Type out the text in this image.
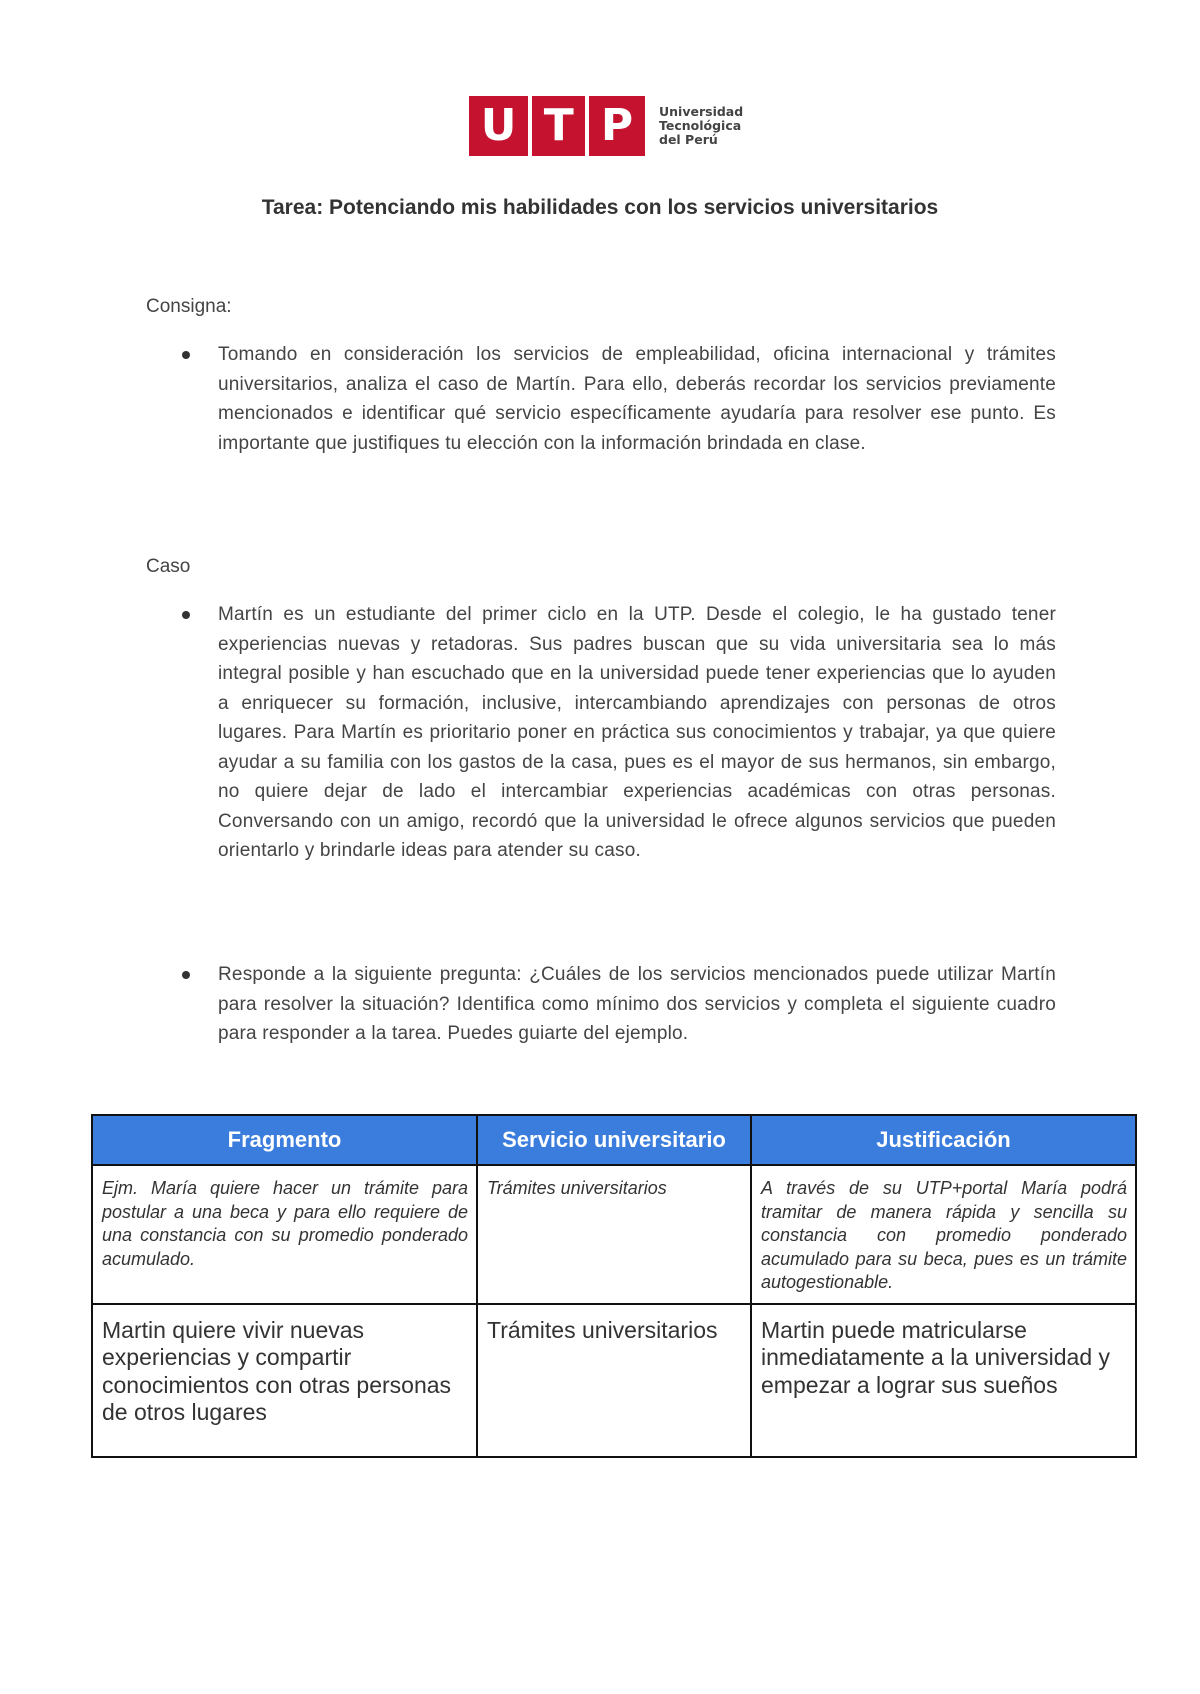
U T P Universidad
Tecnológica
del Perú
Tarea: Potenciando mis habilidades con los servicios universitarios
Consigna:
Tomando en consideración los servicios de empleabilidad, oficina internacional y trámites universitarios, analiza el caso de Martín. Para ello, deberás recordar los servicios previamente mencionados e identificar qué servicio específicamente ayudaría para resolver ese punto. Es importante que justifiques tu elección con la información brindada en clase.
Caso
Martín es un estudiante del primer ciclo en la UTP. Desde el colegio, le ha gustado tener experiencias nuevas y retadoras. Sus padres buscan que su vida universitaria sea lo más integral posible y han escuchado que en la universidad puede tener experiencias que lo ayuden a enriquecer su formación, inclusive, intercambiando aprendizajes con personas de otros lugares. Para Martín es prioritario poner en práctica sus conocimientos y trabajar, ya que quiere ayudar a su familia con los gastos de la casa, pues es el mayor de sus hermanos, sin embargo, no quiere dejar de lado el intercambiar experiencias académicas con otras personas. Conversando con un amigo, recordó que la universidad le ofrece algunos servicios que pueden orientarlo y brindarle ideas para atender su caso.
Responde a la siguiente pregunta: ¿Cuáles de los servicios mencionados puede utilizar Martín para resolver la situación? Identifica como mínimo dos servicios y completa el siguiente cuadro para responder a la tarea. Puedes guiarte del ejemplo.
Fragmento	Servicio universitario	Justificación
Ejm. María quiere hacer un trámite para postular a una beca y para ello requiere de una constancia con su promedio ponderado acumulado.	Trámites universitarios	A través de su UTP+portal María podrá tramitar de manera rápida y sencilla su constancia con promedio ponderado acumulado para su beca, pues es un trámite autogestionable.
Martin quiere vivir nuevas experiencias y compartir conocimientos con otras personas de otros lugares	Trámites universitarios	Martin puede matricularse inmediatamente a la universidad y empezar a lograr sus sueños
